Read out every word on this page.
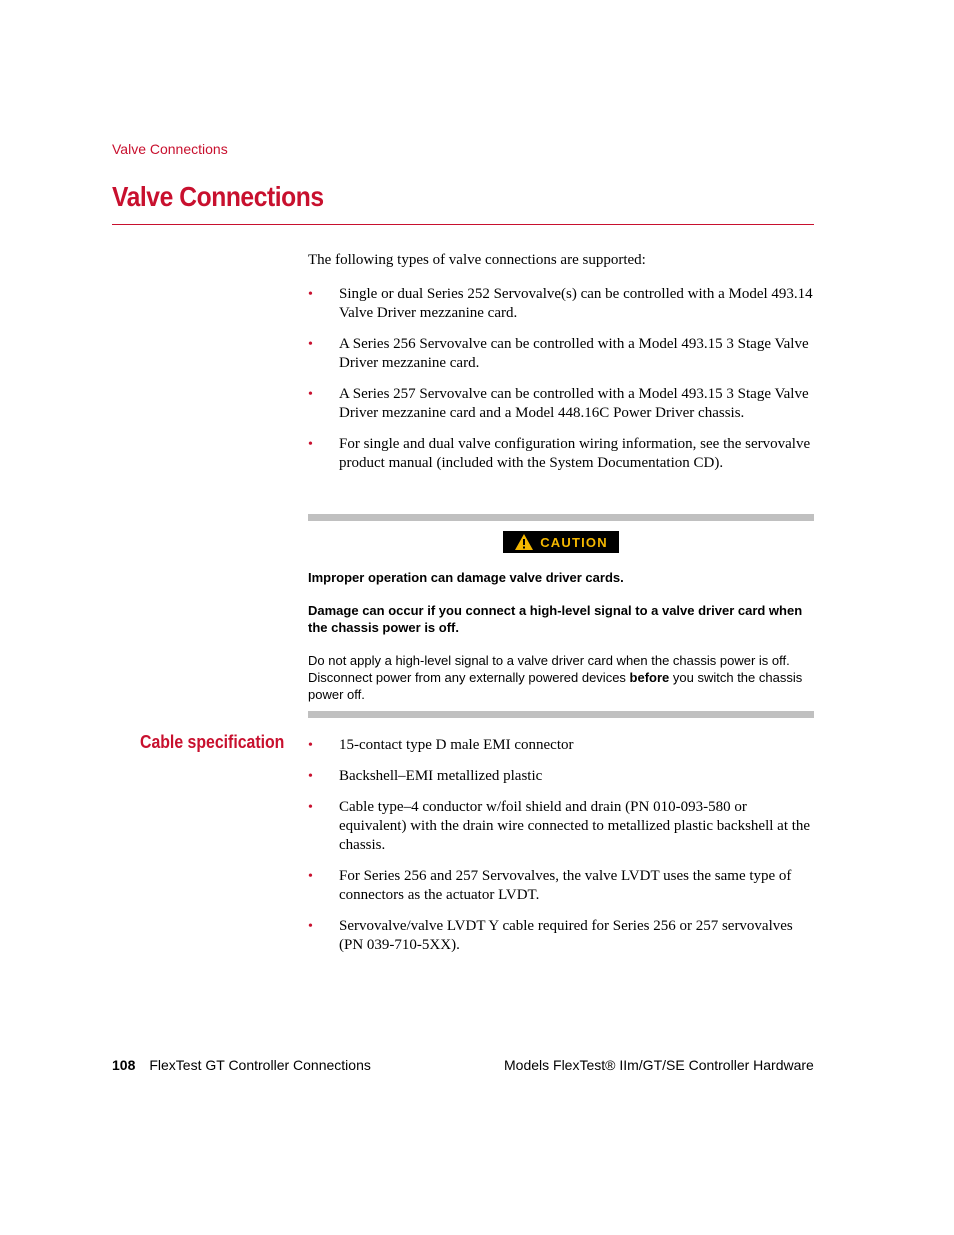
Valve Connections
Valve Connections
The following types of valve connections are supported:
• Single or dual Series 252 Servovalve(s) can be controlled with a Model 493.14 Valve Driver mezzanine card.
• A Series 256 Servovalve can be controlled with a Model 493.15 3 Stage Valve Driver mezzanine card.
• A Series 257 Servovalve can be controlled with a Model 493.15 3 Stage Valve Driver mezzanine card and a Model 448.16C Power Driver chassis.
• For single and dual valve configuration wiring information, see the servovalve product manual (included with the System Documentation CD).
CAUTION

Improper operation can damage valve driver cards.

Damage can occur if you connect a high-level signal to a valve driver card when the chassis power is off.

Do not apply a high-level signal to a valve driver card when the chassis power is off. Disconnect power from any externally powered devices before you switch the chassis power off.

Cable specification • 15-contact type D male EMI connector
• Backshell–EMI metallized plastic
• Cable type–4 conductor w/foil shield and drain (PN 010-093-580 or equivalent) with the drain wire connected to metallized plastic backshell at the chassis.
• For Series 256 and 257 Servovalves, the valve LVDT uses the same type of connectors as the actuator LVDT.
• Servovalve/valve LVDT Y cable required for Series 256 or 257 servovalves (PN 039-710-5XX).
108 FlexTest GT Controller Connections	Models FlexTest® IIm/GT/SE Controller Hardware
